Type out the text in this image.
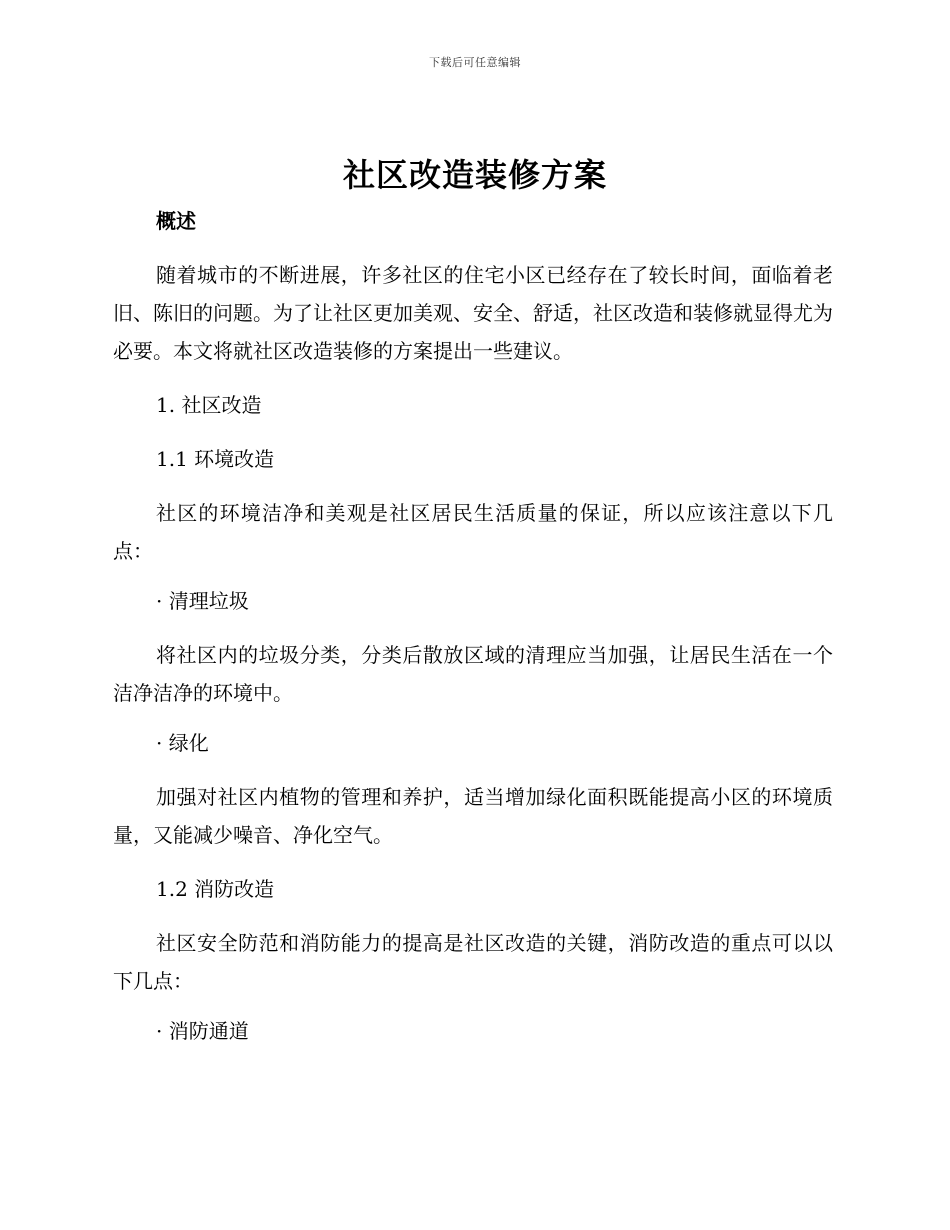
下载后可任意编辑
社区改造装修方案

概述

随着城市的不断进展，许多社区的住宅小区已经存在了较长时间，面临着老旧、陈旧的问题。为了让社区更加美观、安全、舒适，社区改造和装修就显得尤为必要。本文将就社区改造装修的方案提出一些建议。

1. 社区改造

1.1 环境改造

社区的环境洁净和美观是社区居民生活质量的保证，所以应该注意以下几点：

· 清理垃圾

将社区内的垃圾分类，分类后散放区域的清理应当加强，让居民生活在一个洁净洁净的环境中。

· 绿化

加强对社区内植物的管理和养护，适当增加绿化面积既能提高小区的环境质量，又能减少噪音、净化空气。

1.2 消防改造

社区安全防范和消防能力的提高是社区改造的关键，消防改造的重点可以以下几点：

· 消防通道
